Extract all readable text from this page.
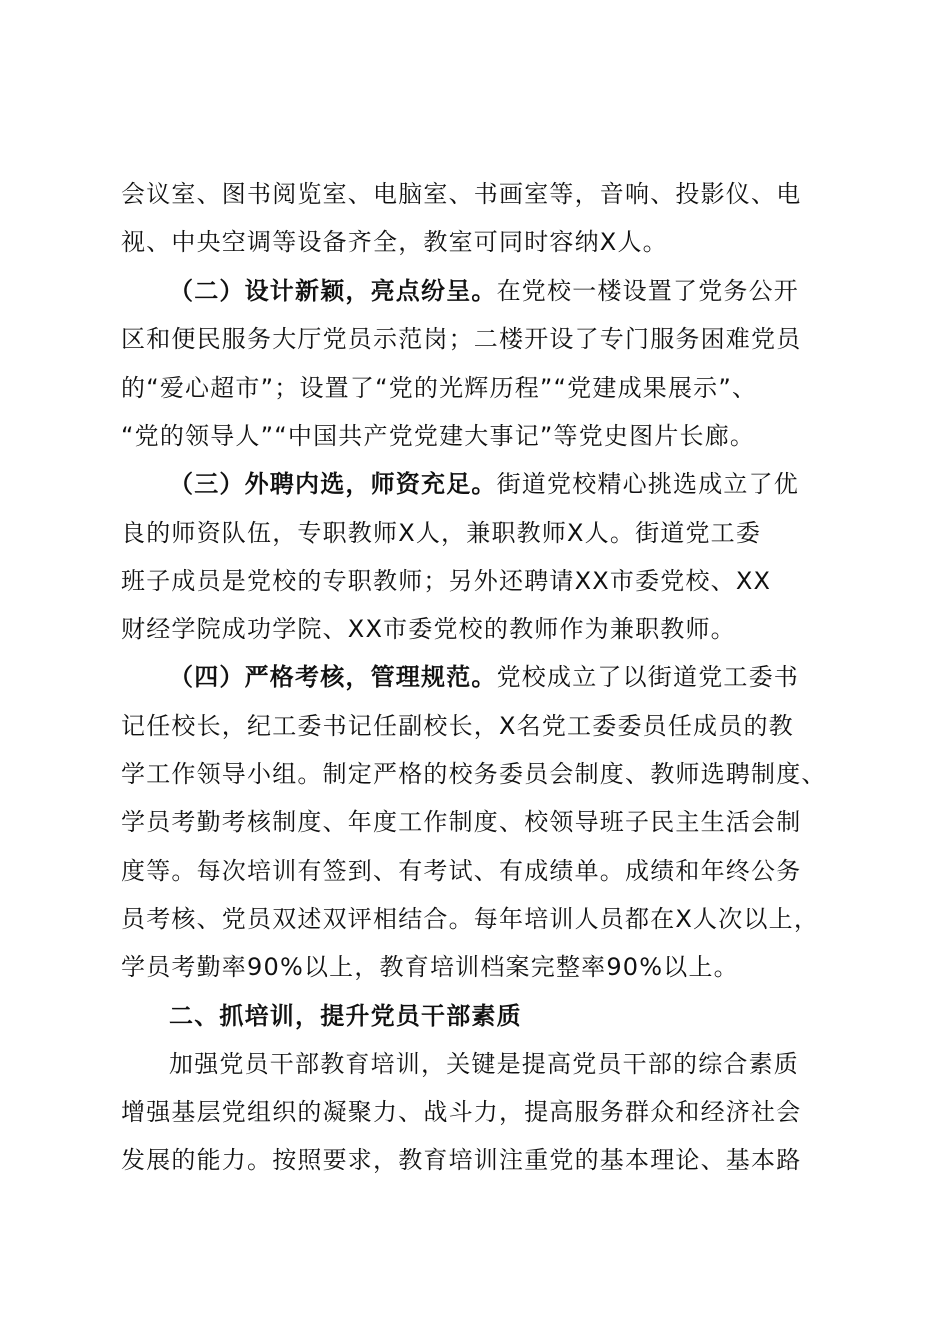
会议室、图书阅览室、电脑室、书画室等，音响、投影仪、电
视、中央空调等设备齐全，教室可同时容纳X人。
（二）设计新颖，亮点纷呈。在党校一楼设置了党务公开
区和便民服务大厅党员示范岗；二楼开设了专门服务困难党员
的“爱心超市”；设置了“党的光辉历程”“党建成果展示”、
“党的领导人”“中国共产党党建大事记”等党史图片长廊。
（三）外聘内选，师资充足。街道党校精心挑选成立了优
良的师资队伍，专职教师X人，兼职教师X人。街道党工委
班子成员是党校的专职教师；另外还聘请XX市委党校、XX
财经学院成功学院、XX市委党校的教师作为兼职教师。
（四）严格考核，管理规范。党校成立了以街道党工委书
记任校长，纪工委书记任副校长，X名党工委委员任成员的教
学工作领导小组。制定严格的校务委员会制度、教师选聘制度、
学员考勤考核制度、年度工作制度、校领导班子民主生活会制
度等。每次培训有签到、有考试、有成绩单。成绩和年终公务
员考核、党员双述双评相结合。每年培训人员都在X人次以上，
学员考勤率90%以上，教育培训档案完整率90%以上。
二、抓培训，提升党员干部素质
加强党员干部教育培训，关键是提高党员干部的综合素质
增强基层党组织的凝聚力、战斗力，提高服务群众和经济社会
发展的能力。按照要求，教育培训注重党的基本理论、基本路
